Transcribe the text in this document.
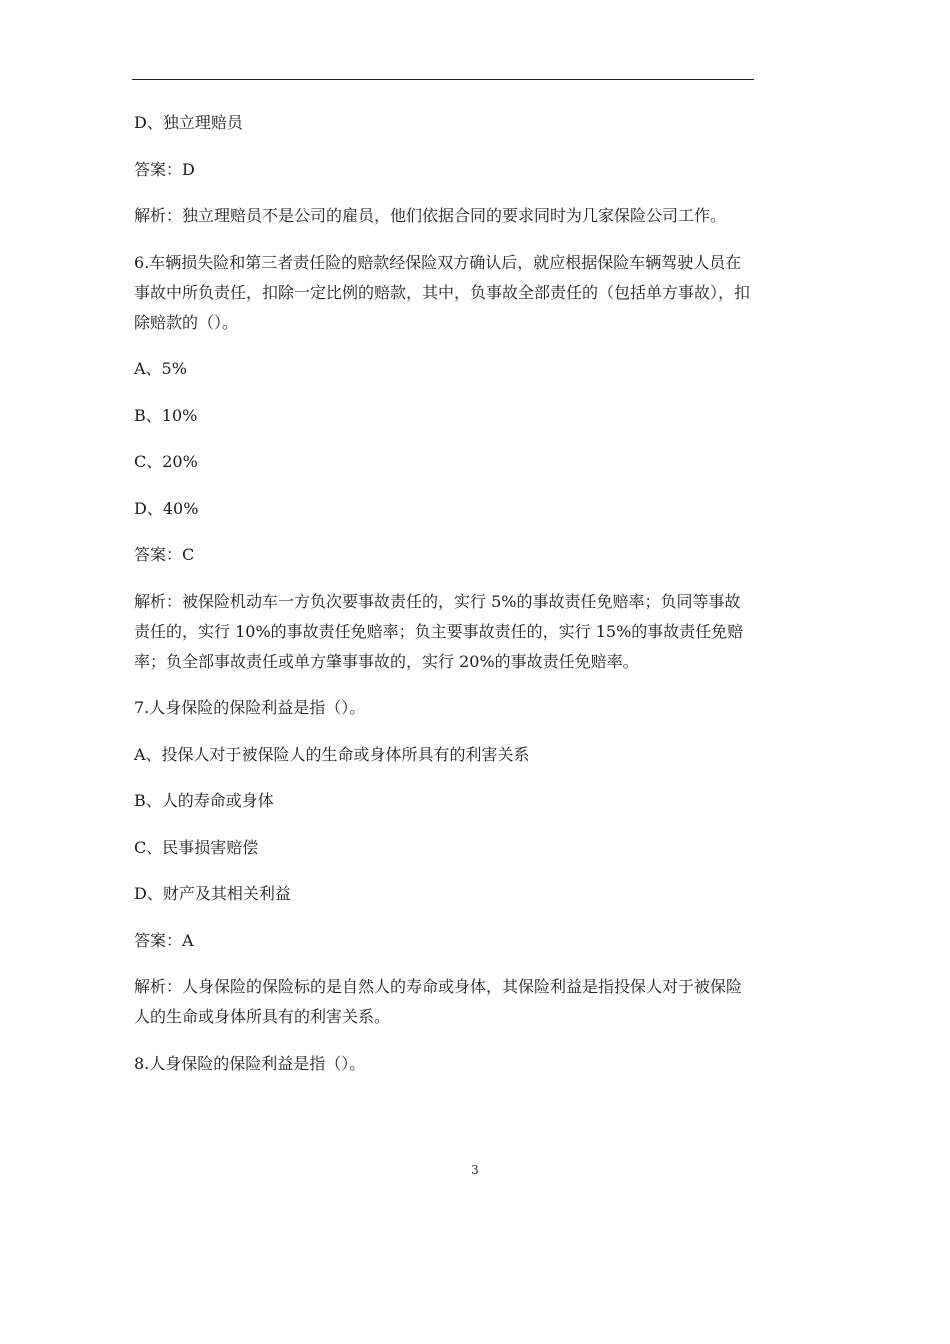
D、独立理赔员

答案：D

解析：独立理赔员不是公司的雇员，他们依据合同的要求同时为几家保险公司工作。

6.车辆损失险和第三者责任险的赔款经保险双方确认后，就应根据保险车辆驾驶人员在事故中所负责任，扣除一定比例的赔款，其中，负事故全部责任的（包括单方事故），扣除赔款的（）。

A、5%

B、10%

C、20%

D、40%

答案：C

解析：被保险机动车一方负次要事故责任的，实行 5%的事故责任免赔率；负同等事故责任的，实行 10%的事故责任免赔率；负主要事故责任的，实行 15%的事故责任免赔率；负全部事故责任或单方肇事事故的，实行 20%的事故责任免赔率。

7.人身保险的保险利益是指（）。

A、投保人对于被保险人的生命或身体所具有的利害关系

B、人的寿命或身体

C、民事损害赔偿

D、财产及其相关利益

答案：A

解析：人身保险的保险标的是自然人的寿命或身体，其保险利益是指投保人对于被保险人的生命或身体所具有的利害关系。

8.人身保险的保险利益是指（）。

3
